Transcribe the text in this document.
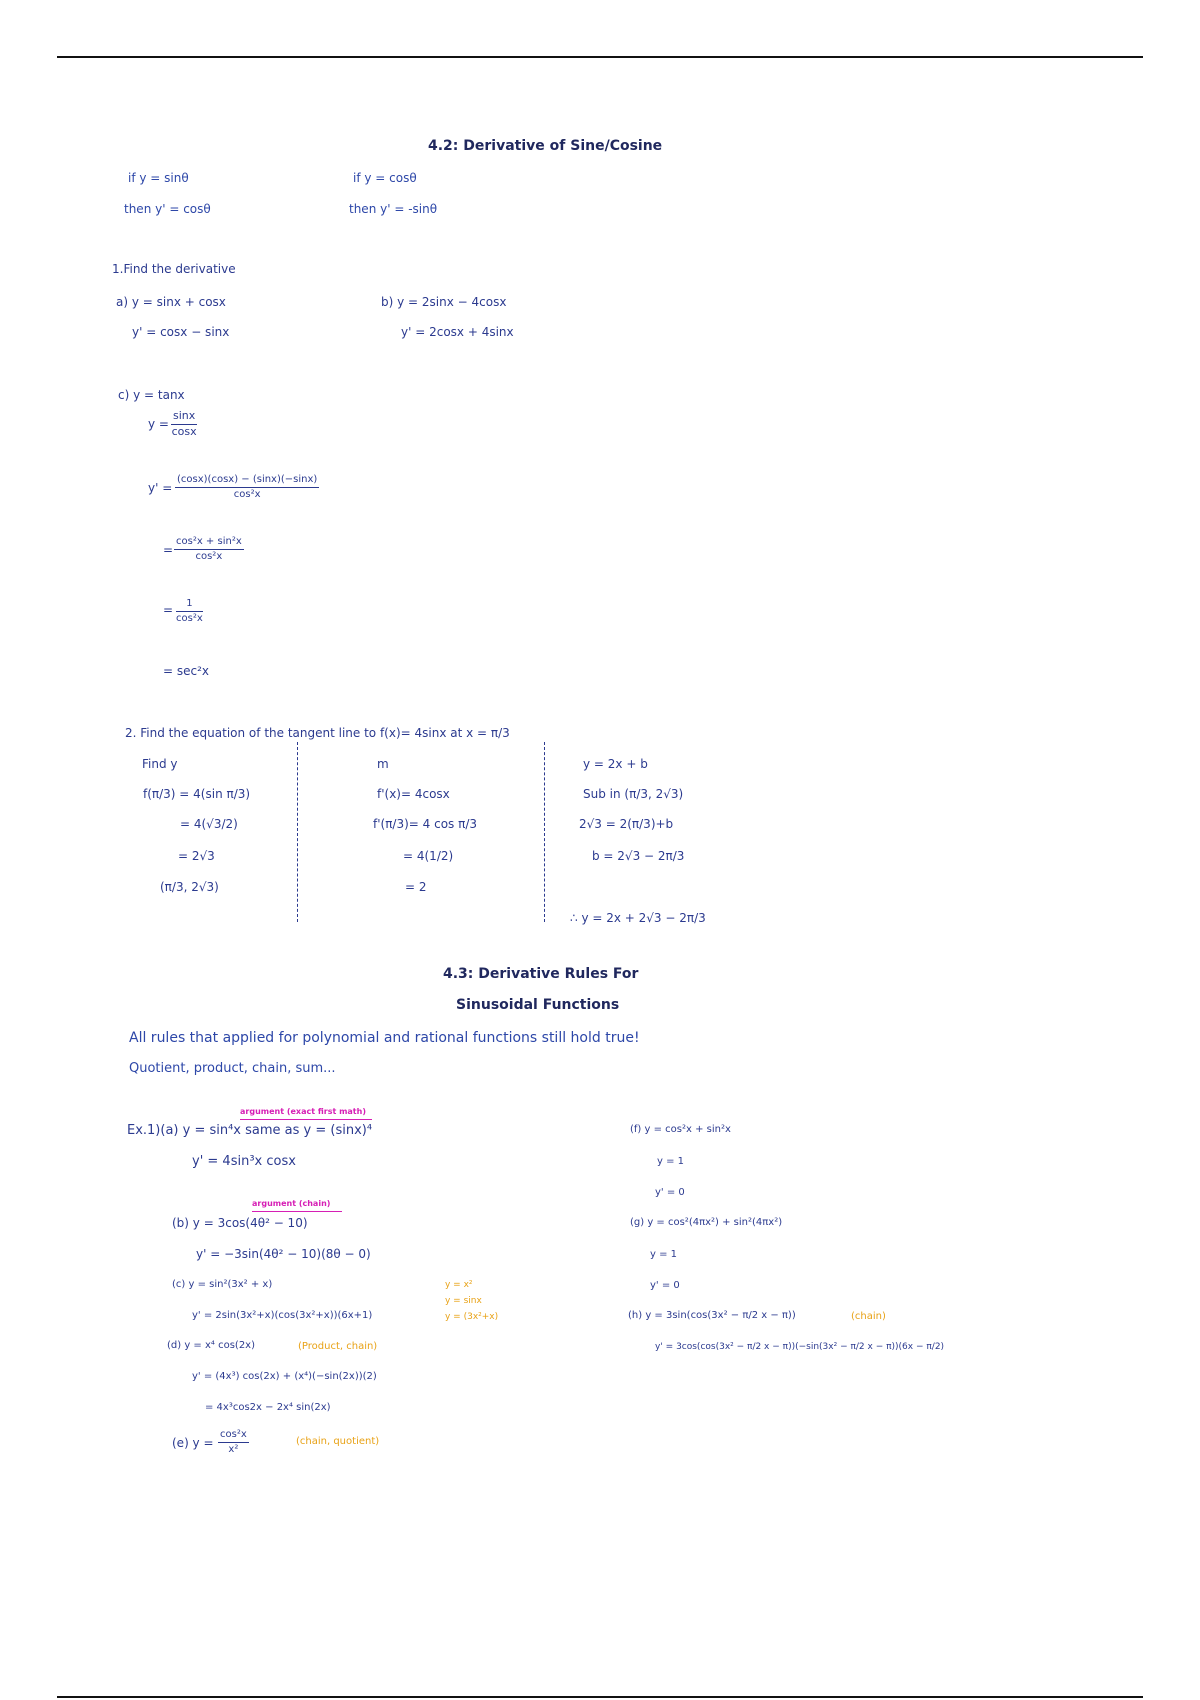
4.2: Derivative of Sine/Cosine
if y = sinθ
then y' = cosθ
if y = cosθ
then y' = -sinθ
1.Find the derivative
a) y = sinx + cosx
y' = cosx − sinx
b) y = 2sinx − 4cosx
y' = 2cosx + 4sinx
c) y = tanx
$y = \frac{\sin x}{\cos x}$
$y' = \frac{(\cos x)(\cos x) - (\sin x)(-\sin x)}{\text{cos²x}}$
= $\frac{\text{cos²x + sin²x}}{\text{cos²x}}$
= $\frac{1}{\text{cos²x}}$
= sec²x
2. Find the equation of the tangent line to f(x)= 4sinx at x = π/3
Find y
f(π/3) = 4(sin π/3)
= 4(√3/2)
= 2√3
(π/3, 2√3)
m
f'(x)= 4cosx
f'(π/3)= 4 cos π/3
= 4(1/2)
= 2
y = 2x + b
Sub in (π/3, 2√3)
2√3 = 2(π/3)+b
b = 2√3 − 2π/3
∴ y = 2x + 2√3 − 2π/3
4.3: Derivative Rules For
Sinusoidal Functions
All rules that applied for polynomial and rational functions still hold true!
Quotient, product, chain, sum...
argument (exact first math)
Ex.1)(a) y = sin⁴x same as y = (sinx)⁴
y' = 4sin³x cosx
argument (chain)
(b) y = 3cos(4θ² − 10)
y' = −3sin(4θ² − 10)(8θ − 0)
(c) y = sin²(3x² + x)
y' = 2sin(3x²+x)(cos(3x²+x))(6x+1)
y = x²
y = sinx
y = (3x²+x)
(d) y = x⁴ cos(2x)	(Product, chain)
y' = (4x³) cos(2x) + (x⁴)(−sin(2x))(2)
= 4x³cos2x − 2x⁴ sin(2x)
(e) $y = \frac{\text{cos²x}}{\text{x²}}$	(chain, quotient)
(f) y = cos²x + sin²x
y = 1
y' = 0
(g) y = cos²(4πx²) + sin²(4πx²)
y = 1
y' = 0
(h) y = 3sin(cos(3x² − π/2 x − π))	(chain)
y' = 3cos(cos(3x² − π/2 x − π))(−sin(3x² − π/2 x − π))(6x − π/2)
